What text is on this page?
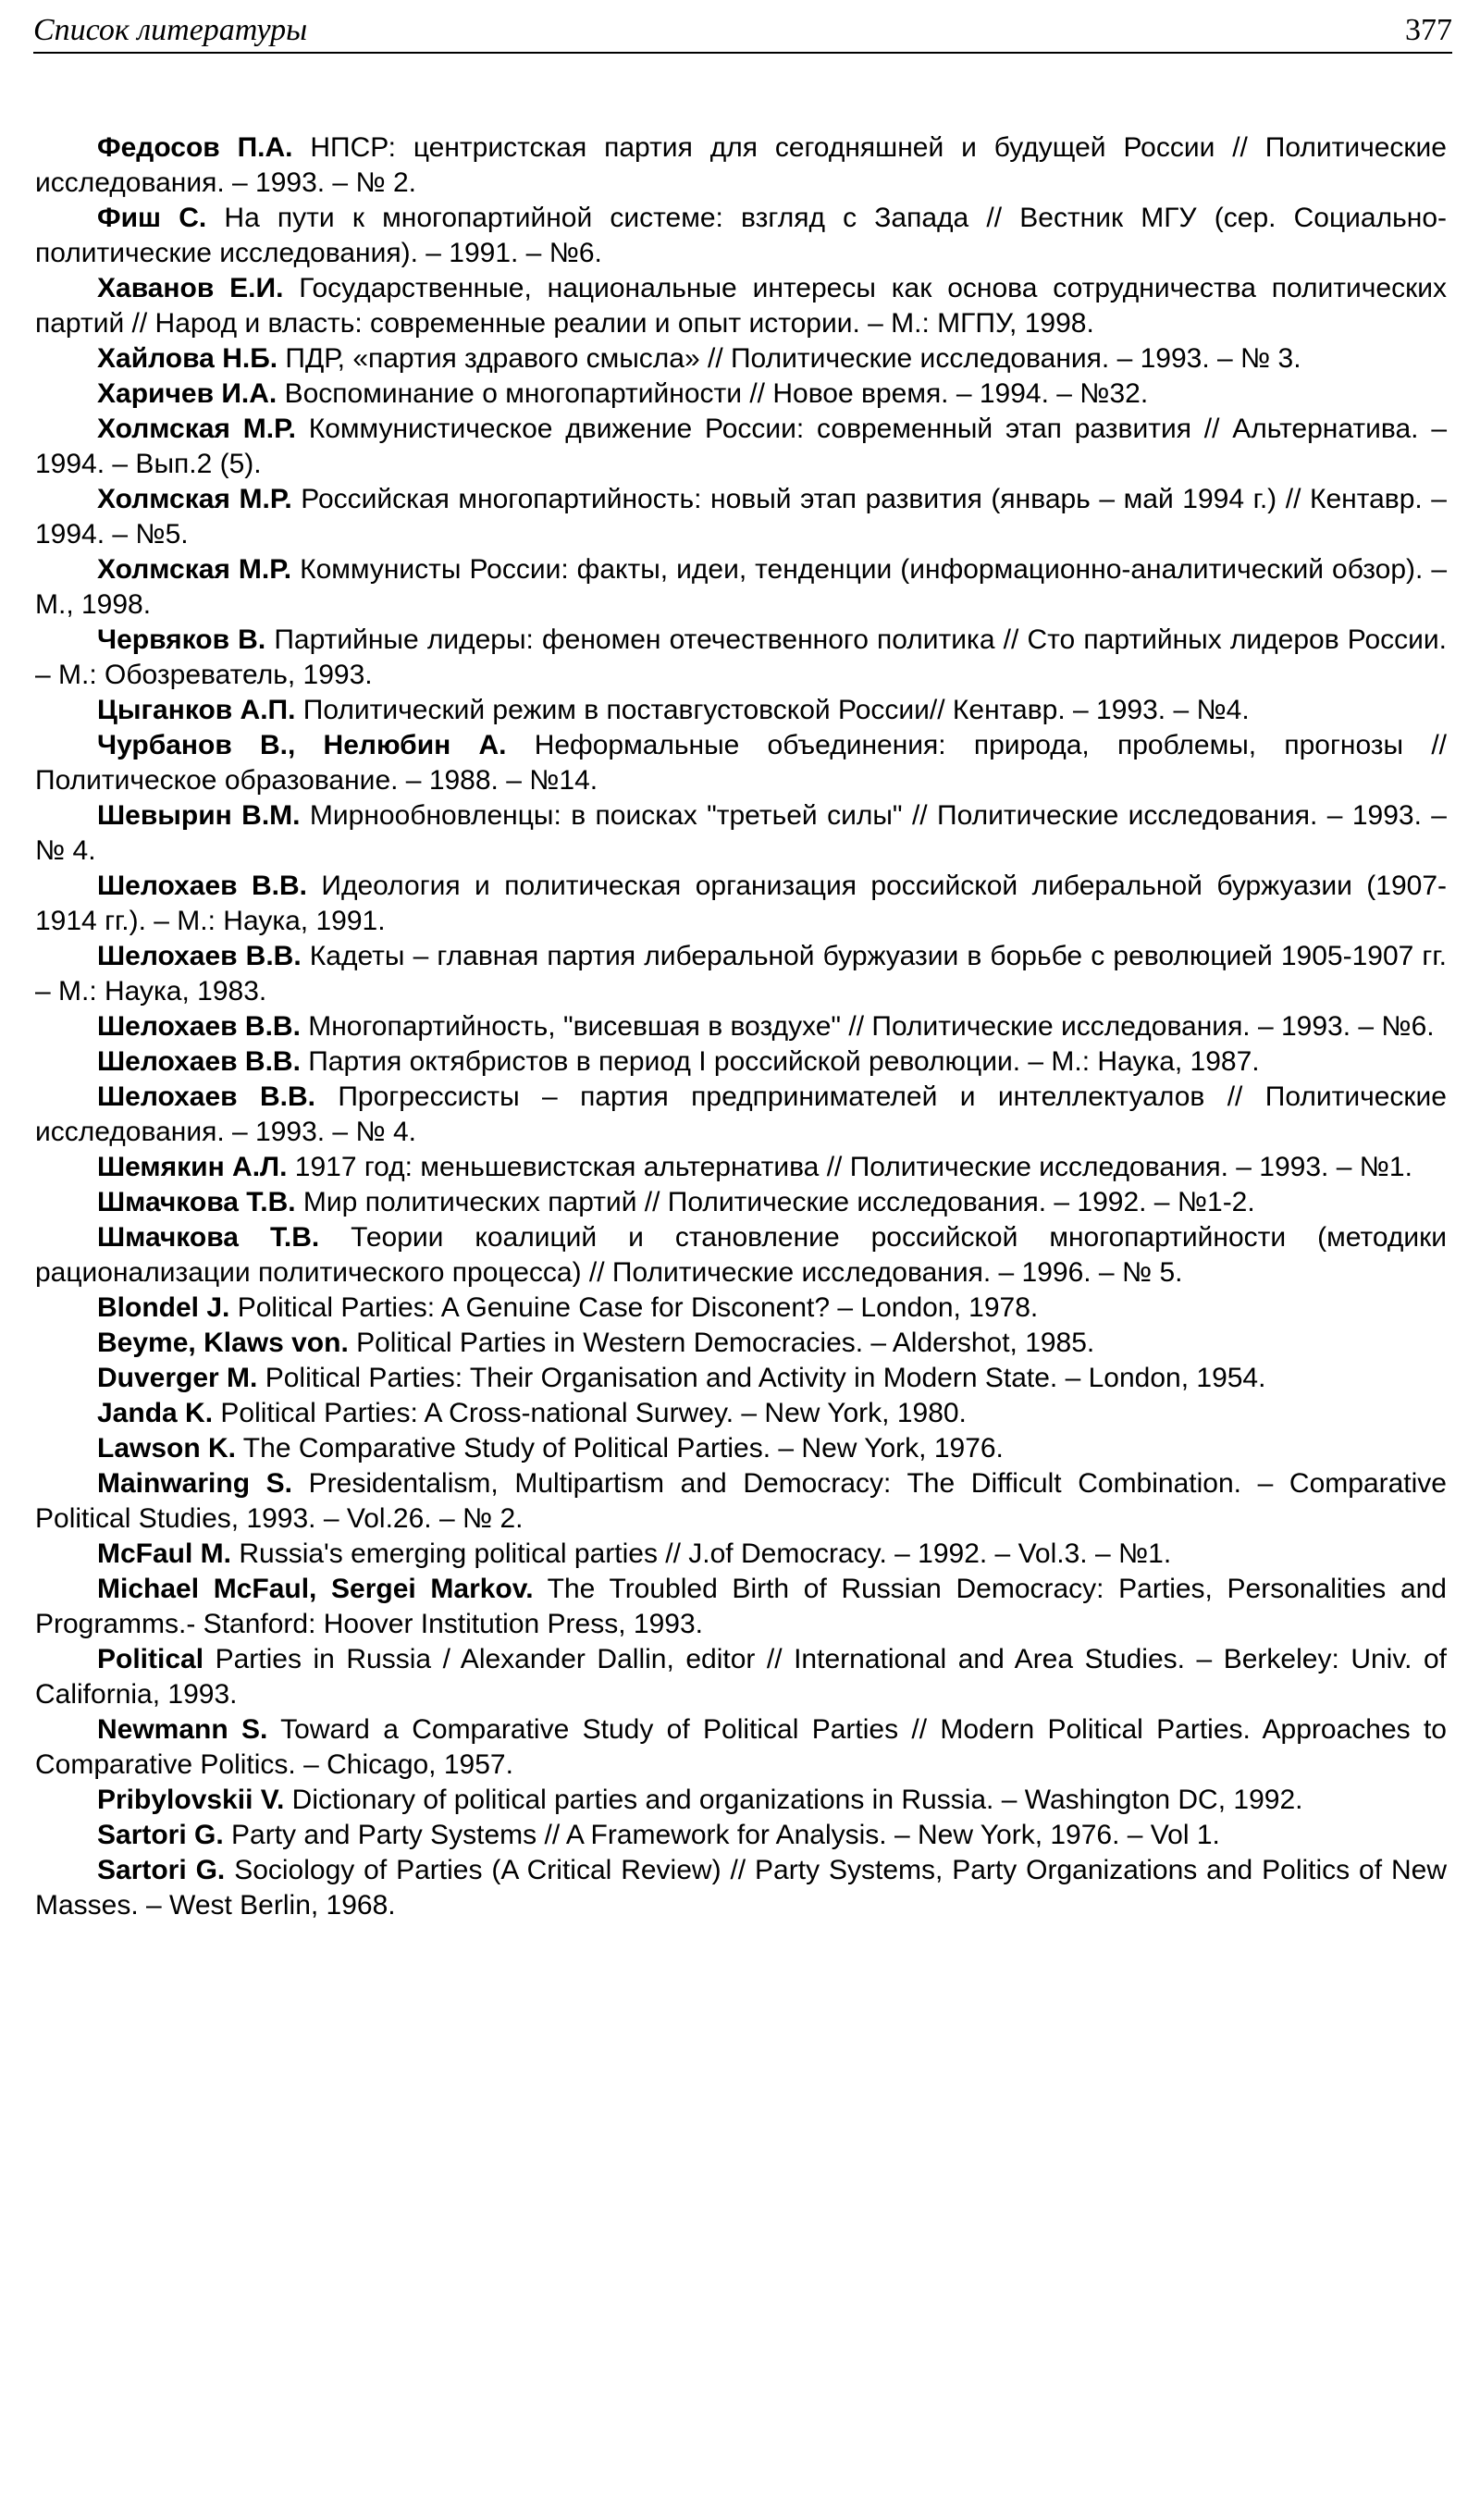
Список литературы	377

Федосов П.А. НПСР: центристская партия для сегодняшней и будущей России // Политические исследования. – 1993. – № 2.

Фиш С. На пути к многопартийной системе: взгляд с Запада // Вестник МГУ (сер. Социально-политические исследования). – 1991. – №6.

Хаванов Е.И. Государственные, национальные интересы как основа сотрудничества политических партий // Народ и власть: современные реалии и опыт истории. – М.: МГПУ, 1998.

Хайлова Н.Б. ПДР, «партия здравого смысла» // Политические исследования. – 1993. – № 3.

Харичев И.А. Воспоминание о многопартийности // Новое время. – 1994. – №32.

Холмская М.Р. Коммунистическое движение России: современный этап развития // Альтернатива. – 1994. – Вып.2 (5).

Холмская М.Р. Российская многопартийность: новый этап развития (январь – май 1994 г.) // Кентавр. – 1994. – №5.

Холмская М.Р. Коммунисты России: факты, идеи, тенденции (информационно-аналитический обзор). – М., 1998.

Червяков В. Партийные лидеры: феномен отечественного политика // Сто партийных лидеров России. – М.: Обозреватель, 1993.

Цыганков А.П. Политический режим в поставгустовской России// Кентавр. – 1993. – №4.

Чурбанов В., Нелюбин А. Неформальные объединения: природа, проблемы, прогнозы // Политическое образование. – 1988. – №14.

Шевырин В.М. Мирнообновленцы: в поисках "третьей силы" // Политические исследования. – 1993. – № 4.

Шелохаев В.В. Идеология и политическая организация российской либеральной буржуазии (1907-1914 гг.). – М.: Наука, 1991.

Шелохаев В.В. Кадеты – главная партия либеральной буржуазии в борьбе с революцией 1905-1907 гг. – М.: Наука, 1983.

Шелохаев В.В. Многопартийность, "висевшая в воздухе" // Политические исследования. – 1993. – №6.

Шелохаев В.В. Партия октябристов в период I российской революции. – М.: Наука, 1987.

Шелохаев В.В. Прогрессисты – партия предпринимателей и интеллектуалов // Политические исследования. – 1993. – № 4.

Шемякин А.Л. 1917 год: меньшевистская альтернатива // Политические исследования. – 1993. – №1.

Шмачкова Т.В. Мир политических партий // Политические исследования. – 1992. – №1-2.

Шмачкова Т.В. Теории коалиций и становление российской многопартийности (методики рационализации политического процесса) // Политические исследования. – 1996. – № 5.

Blondel J. Political Parties: A Genuine Case for Disconent? – London, 1978.

Beyme, Klaws von. Political Parties in Western Democracies. – Aldershot, 1985.

Duverger M. Political Parties: Their Organisation and Activity in Modern State. – London, 1954.

Janda K. Political Parties: A Cross-national Surwey. – New York, 1980.

Lawson K. The Comparative Study of Political Parties. – New York, 1976.

Mainwaring S. Presidentalism, Multipartism and Democracy: The Difficult Combination. – Comparative Political Studies, 1993. – Vol.26. – № 2.

McFaul M. Russia's emerging political parties // J.of Democracy. – 1992. – Vol.3. – №1.

Michael McFaul, Sergei Markov. The Troubled Birth of Russian Democracy: Parties, Personalities and Programms.- Stanford: Hoover Institution Press, 1993.

Political Parties in Russia / Alexander Dallin, editor // International and Area Studies. – Berkeley: Univ. of California, 1993.

Newmann S. Toward a Comparative Study of Political Parties // Modern Political Parties. Approaches to Comparative Politics. – Chicago, 1957.

Pribylovskii V. Dictionary of political parties and organizations in Russia. – Washington DC, 1992.

Sartori G. Party and Party Systems // A Framework for Analysis. – New York, 1976. – Vol 1.

Sartori G. Sociology of Parties (A Critical Review) // Party Systems, Party Organizations and Politics of New Masses. – West Berlin, 1968.
